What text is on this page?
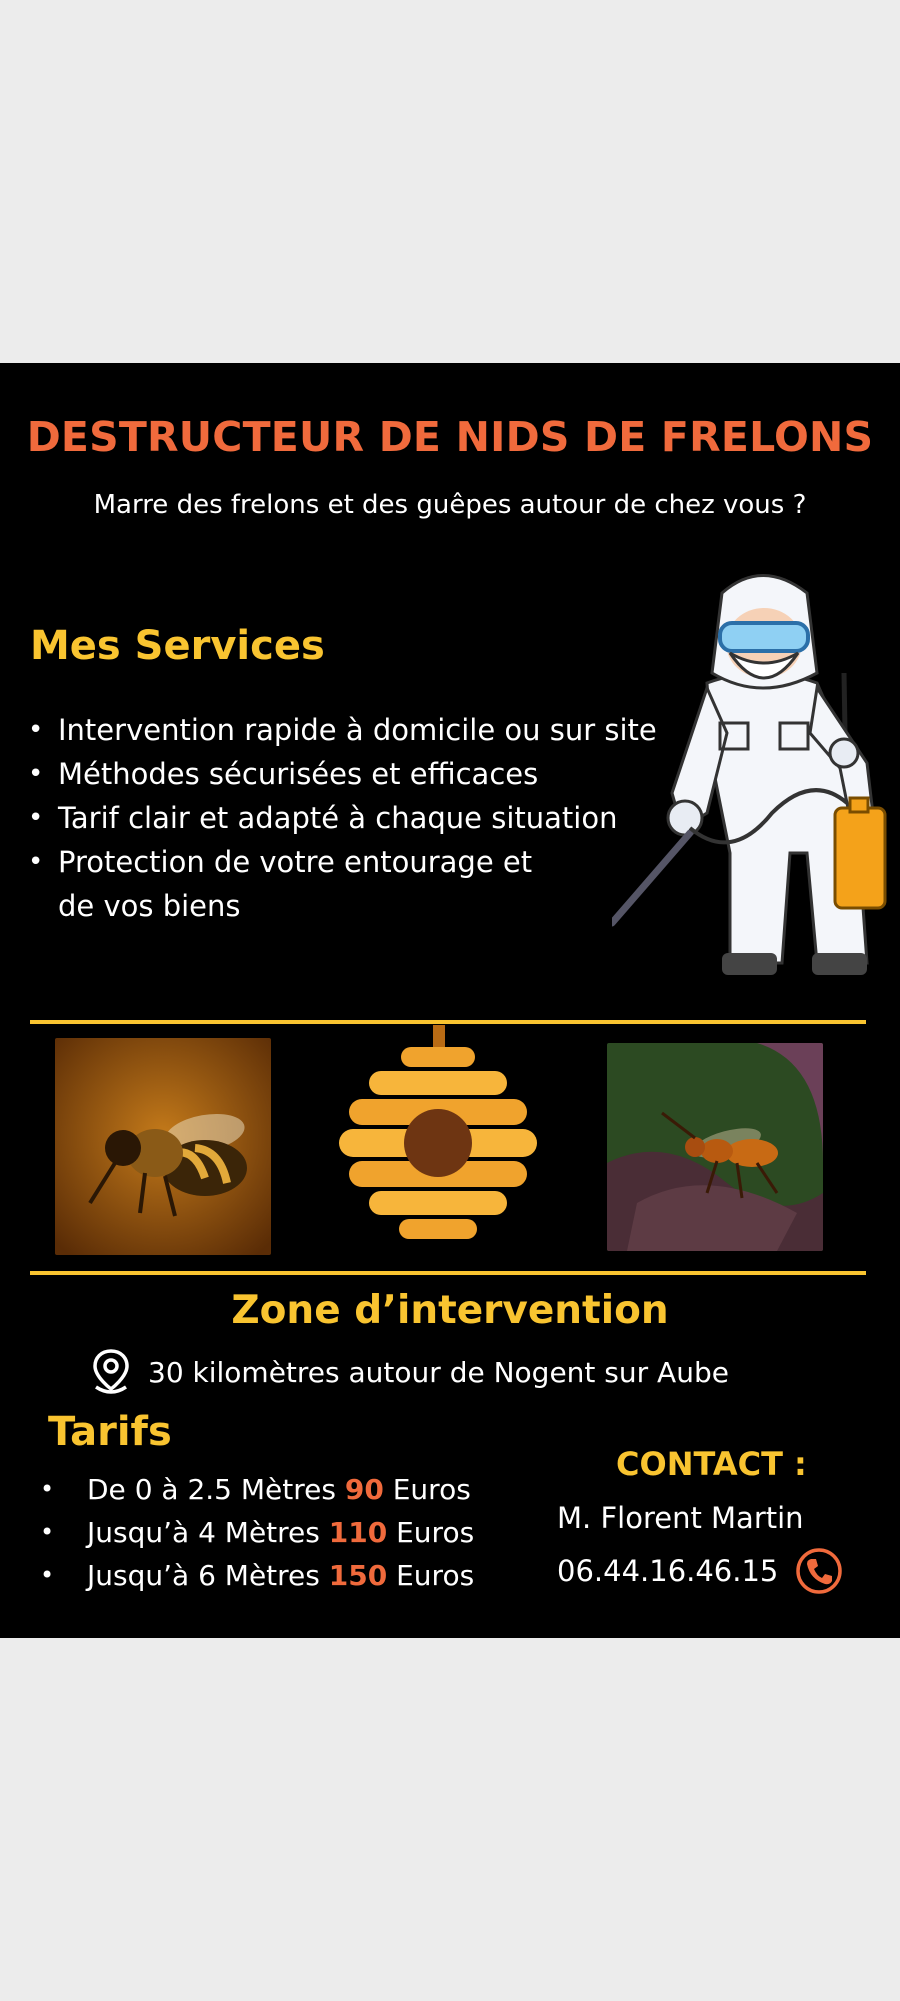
DESTRUCTEUR DE NIDS DE FRELONS
Marre des frelons et des guêpes autour de chez vous ?
Mes Services
• Intervention rapide à domicile ou sur site
• Méthodes sécurisées et efficaces
• Tarif clair et adapté à chaque situation
• Protection de votre entourage et
de vos biens
Zone d’intervention
30 kilomètres autour de Nogent sur Aube
Tarifs
• De 0 à 2.5 Mètres 90 Euros
• Jusqu’à 4 Mètres 110 Euros
• Jusqu’à 6 Mètres 150 Euros
CONTACT :
M. Florent Martin
06.44.16.46.15
